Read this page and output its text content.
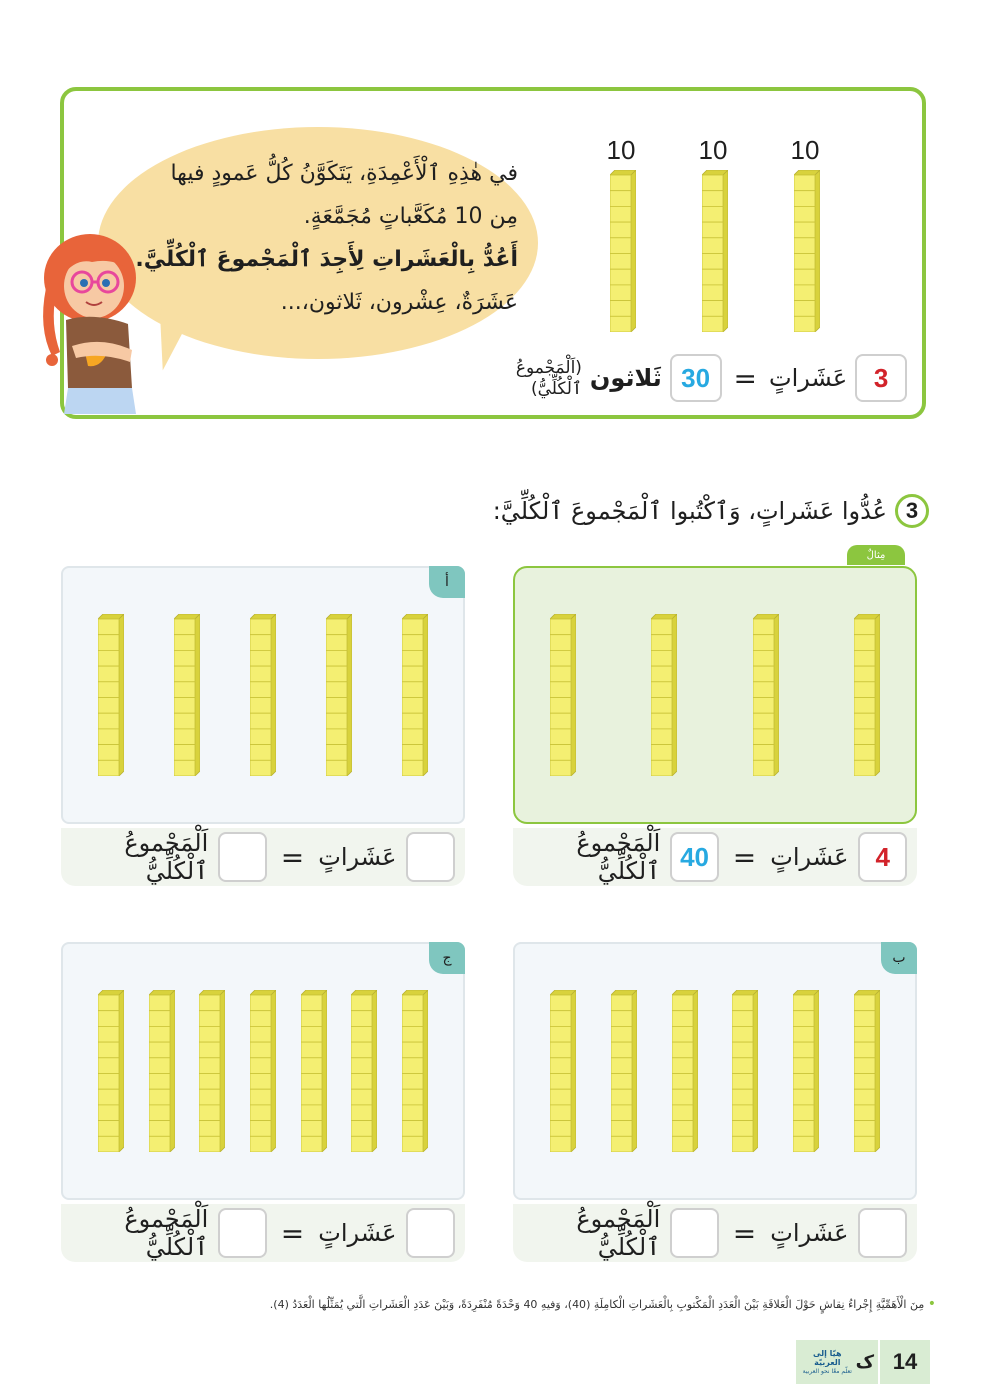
في هٰذِهِ ٱلْأَعْمِدَةِ، يَتَكَوَّنُ كُلُّ عَمودٍ فيها
مِن 10 مُكَعَّباتٍ مُجَمَّعَةٍ.
أَعُدُّ بِالْعَشَراتِ لِأَجِدَ ٱلْمَجْموعَ ٱلْكُلِّيَّ.
عَشَرَةٌ، عِشْرون، ثَلاثون،...
10 10 10
3
عَشَراتٍ
=
30
ثَلاثون
(اَلْمَجْموعُ ٱلْكُلِّيُّ)
3
عُدُّوا عَشَراتٍ، وَٱكْتُبوا ٱلْمَجْموعَ ٱلْكُلِّيَّ:
مِثالٌ
4
عَشَراتٍ
=
40
اَلْمَجْموعُ ٱلْكُلِّيُّ
أ
عَشَراتٍ
=
اَلْمَجْموعُ ٱلْكُلِّيُّ
ب
عَشَراتٍ
=
اَلْمَجْموعُ ٱلْكُلِّيُّ
ج
عَشَراتٍ
=
اَلْمَجْموعُ ٱلْكُلِّيُّ
• مِنَ الْأَهَمِّيَّةِ إِجْراءُ نِقاشٍ حَوْلَ الْعَلاقَةِ بَيْنَ الْعَدَدِ الْمَكْتوبِ بِالْعَشَراتِ الْكامِلَةِ (40)، وَفيهِ 40 وَحْدَةً مُنْفَرِدَةً، وَبَيْنَ عَدَدِ الْعَشَراتِ الَّتي يُمَثِّلُها الْعَدَدُ (4).
ک
هيّا إلى العربيّة
تعلّم معًا نحو العربية	14
